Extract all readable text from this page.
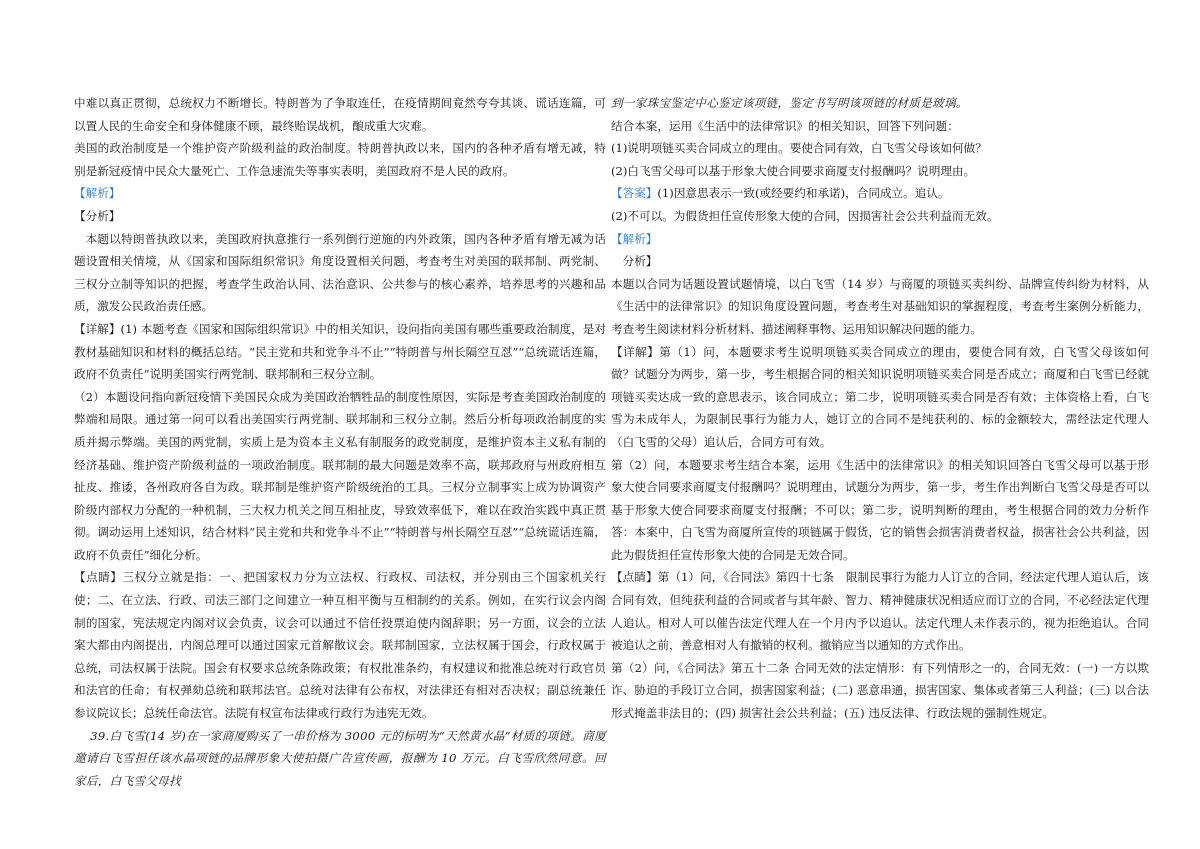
中难以真正贯彻，总统权力不断增长。特朗普为了争取连任，在疫情期间竟然夸夸其谈、谎话连篇，可以置人民的生命安全和身体健康不顾，最终贻误战机，酿成重大灾难。

美国的政治制度是一个维护资产阶级利益的政治制度。特朗普执政以来，国内的各种矛盾有增无减，特别是新冠疫情中民众大量死亡、工作急速流失等事实表明，美国政府不是人民的政府。

【解析】

【分析】

本题以特朗普执政以来，美国政府执意推行一系列倒行逆施的内外政策，国内各种矛盾有增无减为话题设置相关情境，从《国家和国际组织常识》角度设置相关问题，考查考生对美国的联邦制、两党制、三权分立制等知识的把握，考查学生政治认同、法治意识、公共参与的核心素养，培养思考的兴趣和品质，激发公民政治责任感。

【详解】(1) 本题考查《国家和国际组织常识》中的相关知识，设问指向美国有哪些重要政治制度，是对教材基础知识和材料的概括总结。“民主党和共和党争斗不止”“特朗普与州长隔空互怼”“总统谎话连篇，政府不负责任”说明美国实行两党制、联邦制和三权分立制。

（2）本题设问指向新冠疫情下美国民众成为美国政治牺牲品的制度性原因，实际是考查美国政治制度的弊端和局限。通过第一问可以看出美国实行两党制、联邦制和三权分立制。然后分析每项政治制度的实质并揭示弊端。美国的两党制，实质上是为资本主义私有制服务的政党制度，是维护资本主义私有制的经济基础、维护资产阶级利益的一项政治制度。联邦制的最大问题是效率不高，联邦政府与州政府相互扯皮、推诿，各州政府各自为政。联邦制是维护资产阶级统治的工具。三权分立制事实上成为协调资产阶级内部权力分配的一种机制，三大权力机关之间互相扯皮，导致效率低下，难以在政治实践中真正贯彻。调动运用上述知识，结合材料“民主党和共和党争斗不止”“特朗普与州长隔空互怼”“总统谎话连篇，政府不负责任”细化分析。

【点睛】三权分立就是指：一、把国家权力分为立法权、行政权、司法权，并分别由三个国家机关行使；二、在立法、行政、司法三部门之间建立一种互相平衡与互相制约的关系。例如，在实行议会内阁制的国家，宪法规定内阁对议会负责，议会可以通过不信任投票迫使内阁辞职；另一方面，议会的立法案大都由内阁提出，内阁总理可以通过国家元首解散议会。联邦制国家，立法权属于国会，行政权属于总统，司法权属于法院。国会有权要求总统条陈政策；有权批准条约，有权建议和批准总统对行政官员和法官的任命；有权弹劾总统和联邦法官。总统对法律有公布权，对法律还有相对否决权；副总统兼任参议院议长；总统任命法官。法院有权宣布法律或行政行为违宪无效。

39.白飞雪(14 岁)在一家商厦购买了一串价格为 3000 元的标明为“天然黄水晶”材质的项链。商厦邀请白飞雪担任该水晶项链的品牌形象大使拍摄广告宣传画，报酬为 10 万元。白飞雪欣然同意。回家后，白飞雪父母找

到一家珠宝鉴定中心鉴定该项链，鉴定书写明该项链的材质是玻璃。

结合本案，运用《生活中的法律常识》的相关知识，回答下列问题：

(1)说明项链买卖合同成立的理由。要使合同有效，白飞雪父母该如何做？

(2)白飞雪父母可以基于形象大使合同要求商厦支付报酬吗？说明理由。

【答案】(1)因意思表示一致(或经要约和承诺)，合同成立。追认。

(2)不可以。为假货担任宣传形象大使的合同，因损害社会公共利益而无效。

【解析】

分析】

本题以合同为话题设置试题情境，以白飞雪（14 岁）与商厦的项链买卖纠纷、品牌宣传纠纷为材料，从《生活中的法律常识》的知识角度设置问题，考查考生对基础知识的掌握程度，考查考生案例分析能力，考查考生阅读材料分析材料、描述阐释事物、运用知识解决问题的能力。

【详解】第（1）问，本题要求考生说明项链买卖合同成立的理由，要使合同有效，白飞雪父母该如何做？试题分为两步，第一步，考生根据合同的相关知识说明项链买卖合同是否成立；商厦和白飞雪已经就项链买卖达成一致的意思表示，该合同成立；第二步，说明项链买卖合同是否有效；主体资格上看，白飞雪为未成年人，为限制民事行为能力人，她订立的合同不是纯获利的、标的金额较大，需经法定代理人（白飞雪的父母）追认后，合同方可有效。

第（2）问，本题要求考生结合本案，运用《生活中的法律常识》的相关知识回答白飞雪父母可以基于形象大使合同要求商厦支付报酬吗？说明理由，试题分为两步，第一步，考生作出判断白飞雪父母是否可以基于形象大使合同要求商厦支付报酬；不可以；第二步，说明判断的理由，考生根据合同的效力分析作答：本案中，白飞雪为商厦所宣传的项链属于假货，它的销售会损害消费者权益，损害社会公共利益，因此为假货担任宣传形象大使的合同是无效合同。

【点睛】第（1）问，《合同法》第四十七条　限制民事行为能力人订立的合同，经法定代理人追认后，该合同有效，但纯获利益的合同或者与其年龄、智力、精神健康状况相适应而订立的合同，不必经法定代理人追认。相对人可以催告法定代理人在一个月内予以追认。法定代理人未作表示的，视为拒绝追认。合同被追认之前，善意相对人有撤销的权利。撤销应当以通知的方式作出。

第（2）问，《合同法》第五十二条 合同无效的法定情形：有下列情形之一的，合同无效：(一) 一方以欺诈、胁迫的手段订立合同，损害国家利益；(二) 恶意串通，损害国家、集体或者第三人利益；(三) 以合法形式掩盖非法目的；(四) 损害社会公共利益；(五) 违反法律、行政法规的强制性规定。
